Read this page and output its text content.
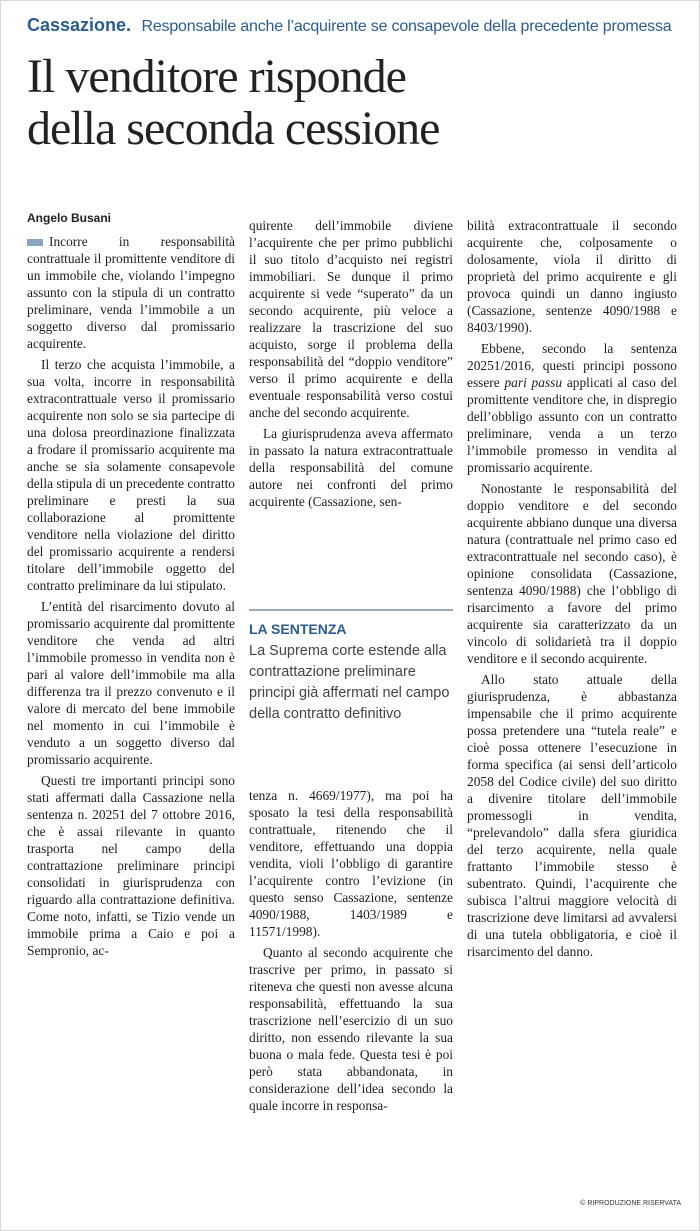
Cassazione. Responsabile anche l’acquirente se consapevole della precedente promessa
Il venditore risponde
della seconda cessione
Angelo Busani

Incorre in responsabilità contrattuale il promittente venditore di un immobile che, violando l’impegno assunto con la stipula di un contratto preliminare, venda l’immobile a un soggetto diverso dal promissario acquirente.

Il terzo che acquista l’immobile, a sua volta, incorre in responsabilità extracontrattuale verso il promissario acquirente non solo se sia partecipe di una dolosa preordinazione finalizzata a frodare il promissario acquirente ma anche se sia solamente consapevole della stipula di un precedente contratto preliminare e presti la sua collaborazione al promittente venditore nella violazione del diritto del promissario acquirente a rendersi titolare dell’immobile oggetto del contratto preliminare da lui stipulato.

L’entità del risarcimento dovuto al promissario acquirente dal promittente venditore che venda ad altri l’immobile promesso in vendita non è pari al valore dell’immobile ma alla differenza tra il prezzo convenuto e il valore di mercato del bene immobile nel momento in cui l’immobile è venduto a un soggetto diverso dal promissario acquirente.

Questi tre importanti principi sono stati affermati dalla Cassazione nella sentenza n. 20251 del 7 ottobre 2016, che è assai rilevante in quanto trasporta nel campo della contrattazione preliminare principi consolidati in giurisprudenza con riguardo alla contrattazione definitiva. Come noto, infatti, se Tizio vende un immobile prima a Caio e poi a Sempronio, ac-

quirente dell’immobile diviene l’acquirente che per primo pubblichi il suo titolo d’acquisto nei registri immobiliari. Se dunque il primo acquirente si vede “superato” da un secondo acquirente, più veloce a realizzare la trascrizione del suo acquisto, sorge il problema della responsabilità del “doppio venditore” verso il primo acquirente e della eventuale responsabilità verso costui anche del secondo acquirente.

La giurisprudenza aveva affermato in passato la natura extracontrattuale della responsabilità del comune autore nei confronti del primo acquirente (Cassazione, sen-

LA SENTENZA
La Suprema corte estende alla contrattazione preliminare principi già affermati nel campo della contratto definitivo

tenza n. 4669/1977), ma poi ha sposato la tesi della responsabilità contrattuale, ritenendo che il venditore, effettuando una doppia vendita, violi l’obbligo di garantire l’acquirente contro l’evizione (in questo senso Cassazione, sentenze 4090/1988, 1403/1989 e 11571/1998).

Quanto al secondo acquirente che trascrive per primo, in passato si riteneva che questi non avesse alcuna responsabilità, effettuando la sua trascrizione nell’esercizio di un suo diritto, non essendo rilevante la sua buona o mala fede. Questa tesi è poi però stata abbandonata, in considerazione dell’idea secondo la quale incorre in responsa-

bilità extracontrattuale il secondo acquirente che, colposamente o dolosamente, viola il diritto di proprietà del primo acquirente e gli provoca quindi un danno ingiusto (Cassazione, sentenze 4090/1988 e 8403/1990).

Ebbene, secondo la sentenza 20251/2016, questi principi possono essere pari passu applicati al caso del promittente venditore che, in dispregio dell’obbligo assunto con un contratto preliminare, venda a un terzo l’immobile promesso in vendita al promissario acquirente.

Nonostante le responsabilità del doppio venditore e del secondo acquirente abbiano dunque una diversa natura (contrattuale nel primo caso ed extracontrattuale nel secondo caso), è opinione consolidata (Cassazione, sentenza 4090/1988) che l’obbligo di risarcimento a favore del primo acquirente sia caratterizzato da un vincolo di solidarietà tra il doppio venditore e il secondo acquirente.

Allo stato attuale della giurisprudenza, è abbastanza impensabile che il primo acquirente possa pretendere una “tutela reale” e cioè possa ottenere l’esecuzione in forma specifica (ai sensi dell’articolo 2058 del Codice civile) del suo diritto a divenire titolare dell’immobile promessogli in vendita, “prelevandolo” dalla sfera giuridica del terzo acquirente, nella quale frattanto l’immobile stesso è subentrato. Quindi, l’acquirente che subisca l’altrui maggiore velocità di trascrizione deve limitarsi ad avvalersi di una tutela obbligatoria, e cioè il risarcimento del danno.

© RIPRODUZIONE RISERVATA
